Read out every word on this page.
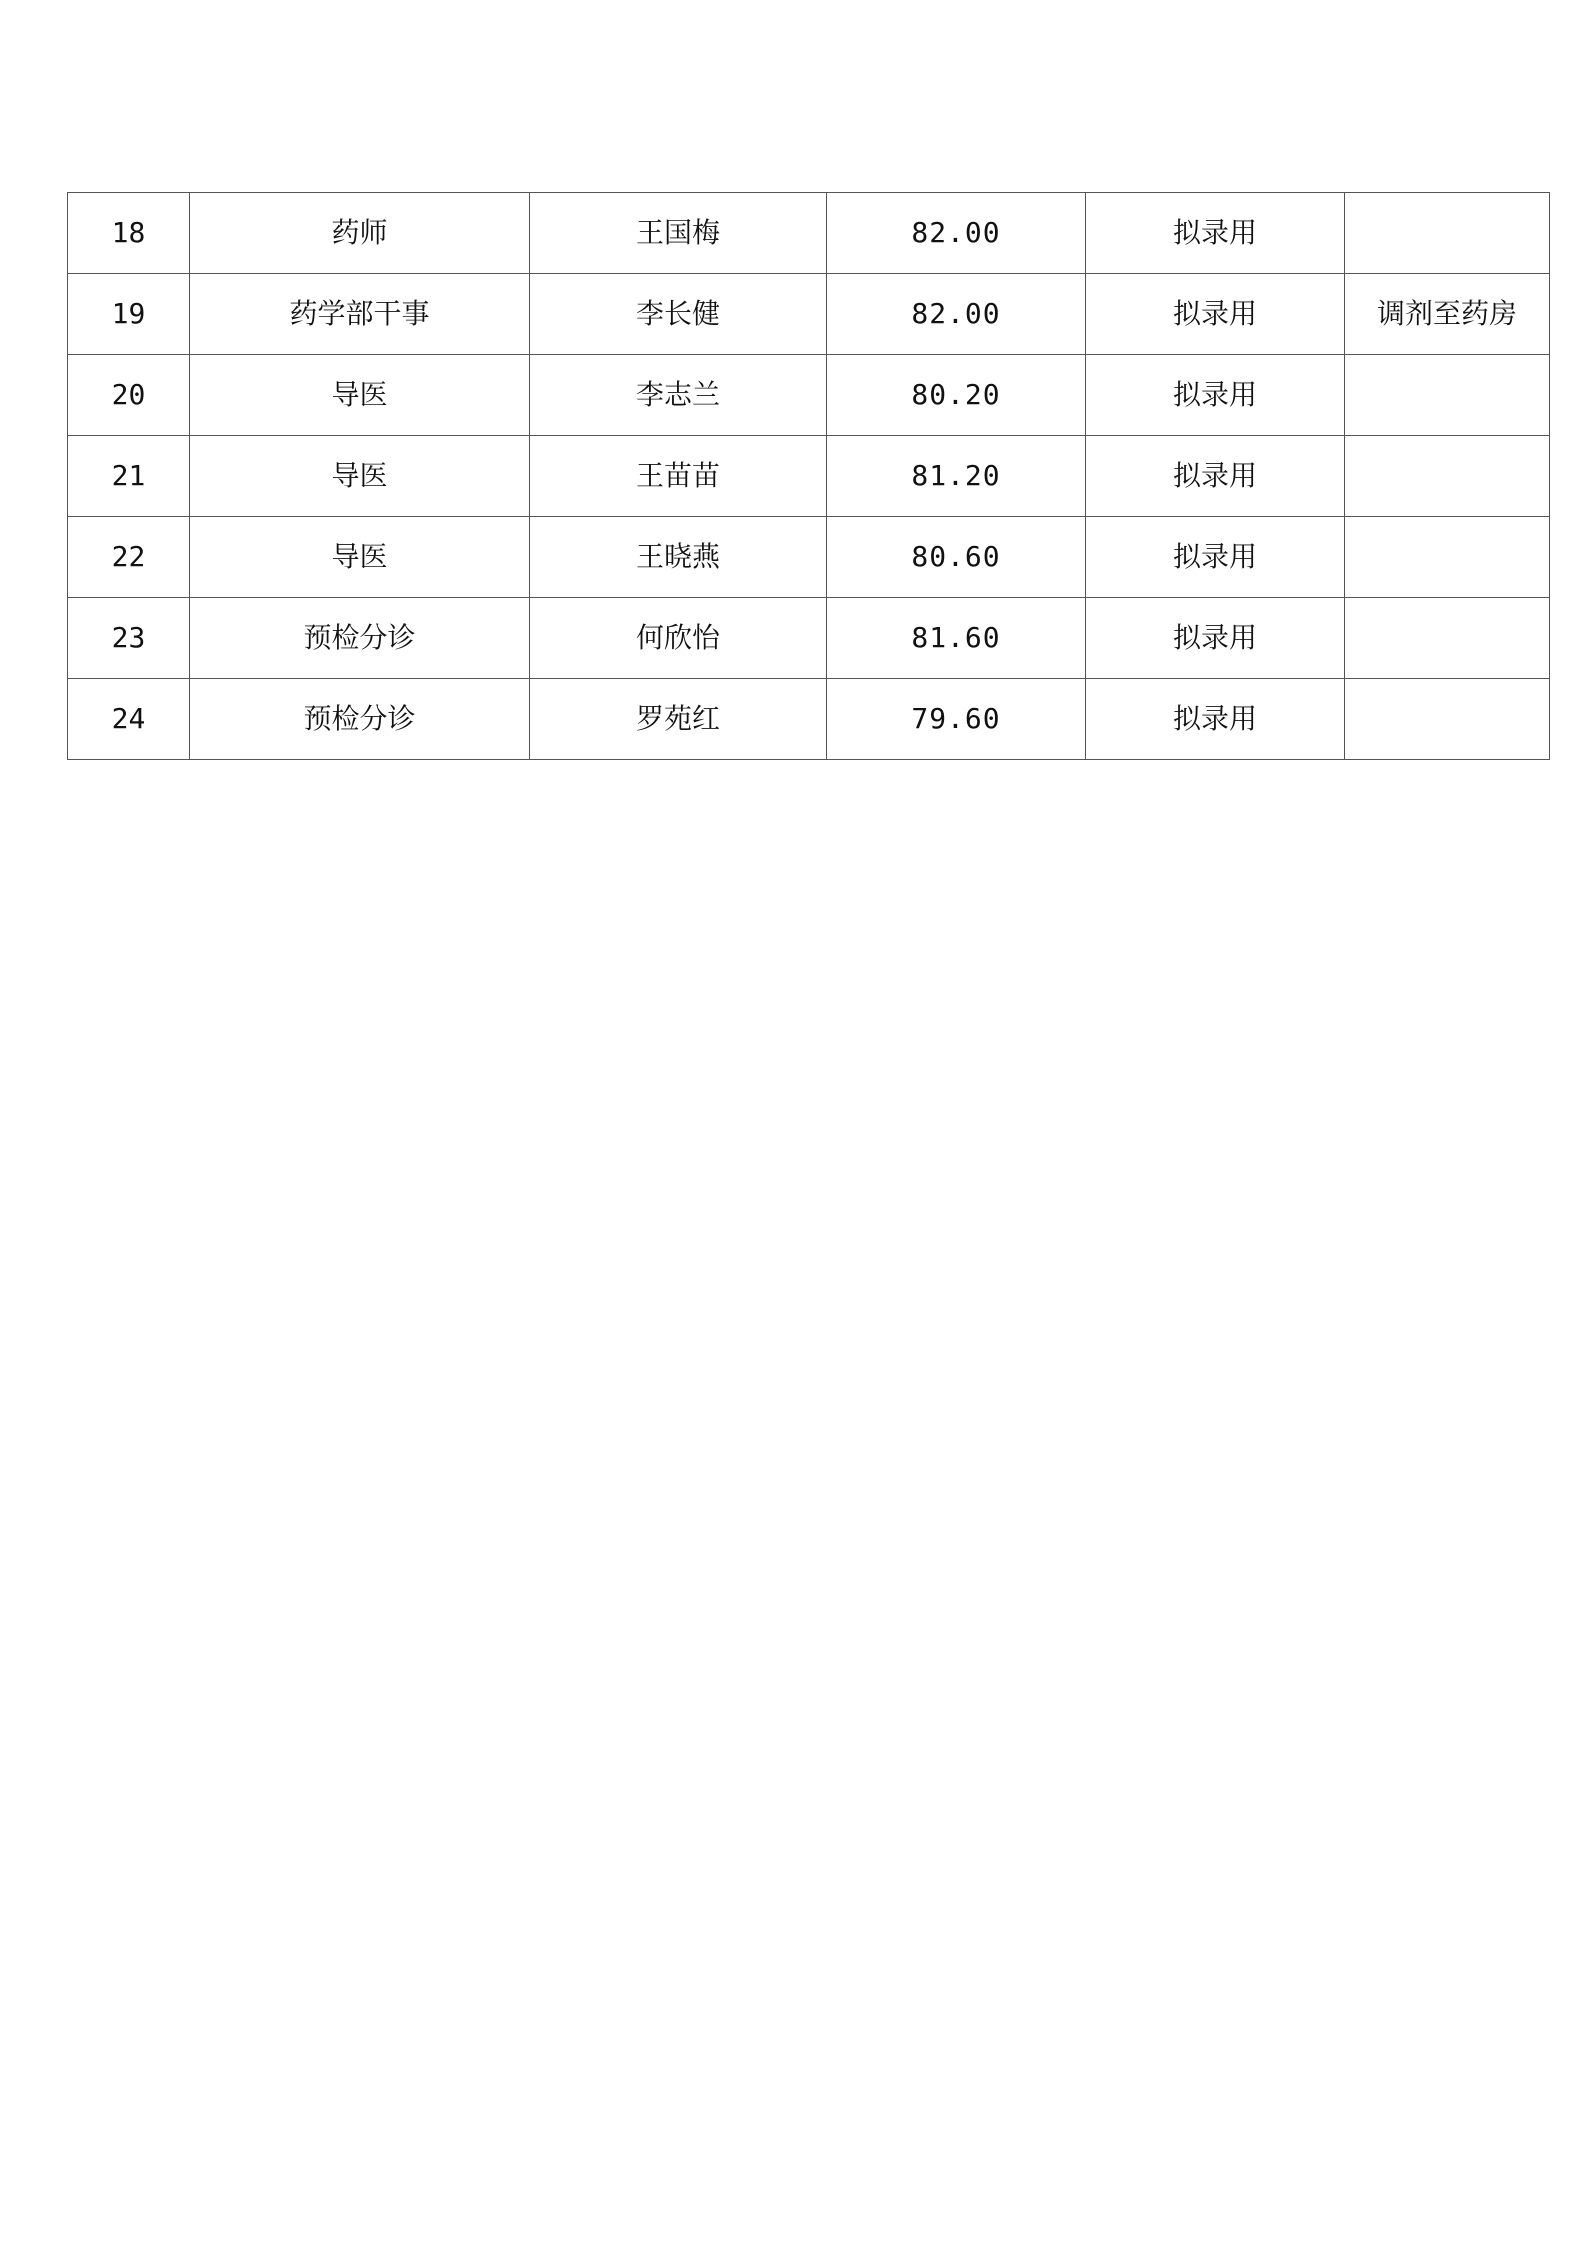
18	药师	王国梅	82.00	拟录用	
19	药学部干事	李长健	82.00	拟录用	调剂至药房
20	导医	李志兰	80.20	拟录用	
21	导医	王苗苗	81.20	拟录用	
22	导医	王晓燕	80.60	拟录用	
23	预检分诊	何欣怡	81.60	拟录用	
24	预检分诊	罗苑红	79.60	拟录用	
